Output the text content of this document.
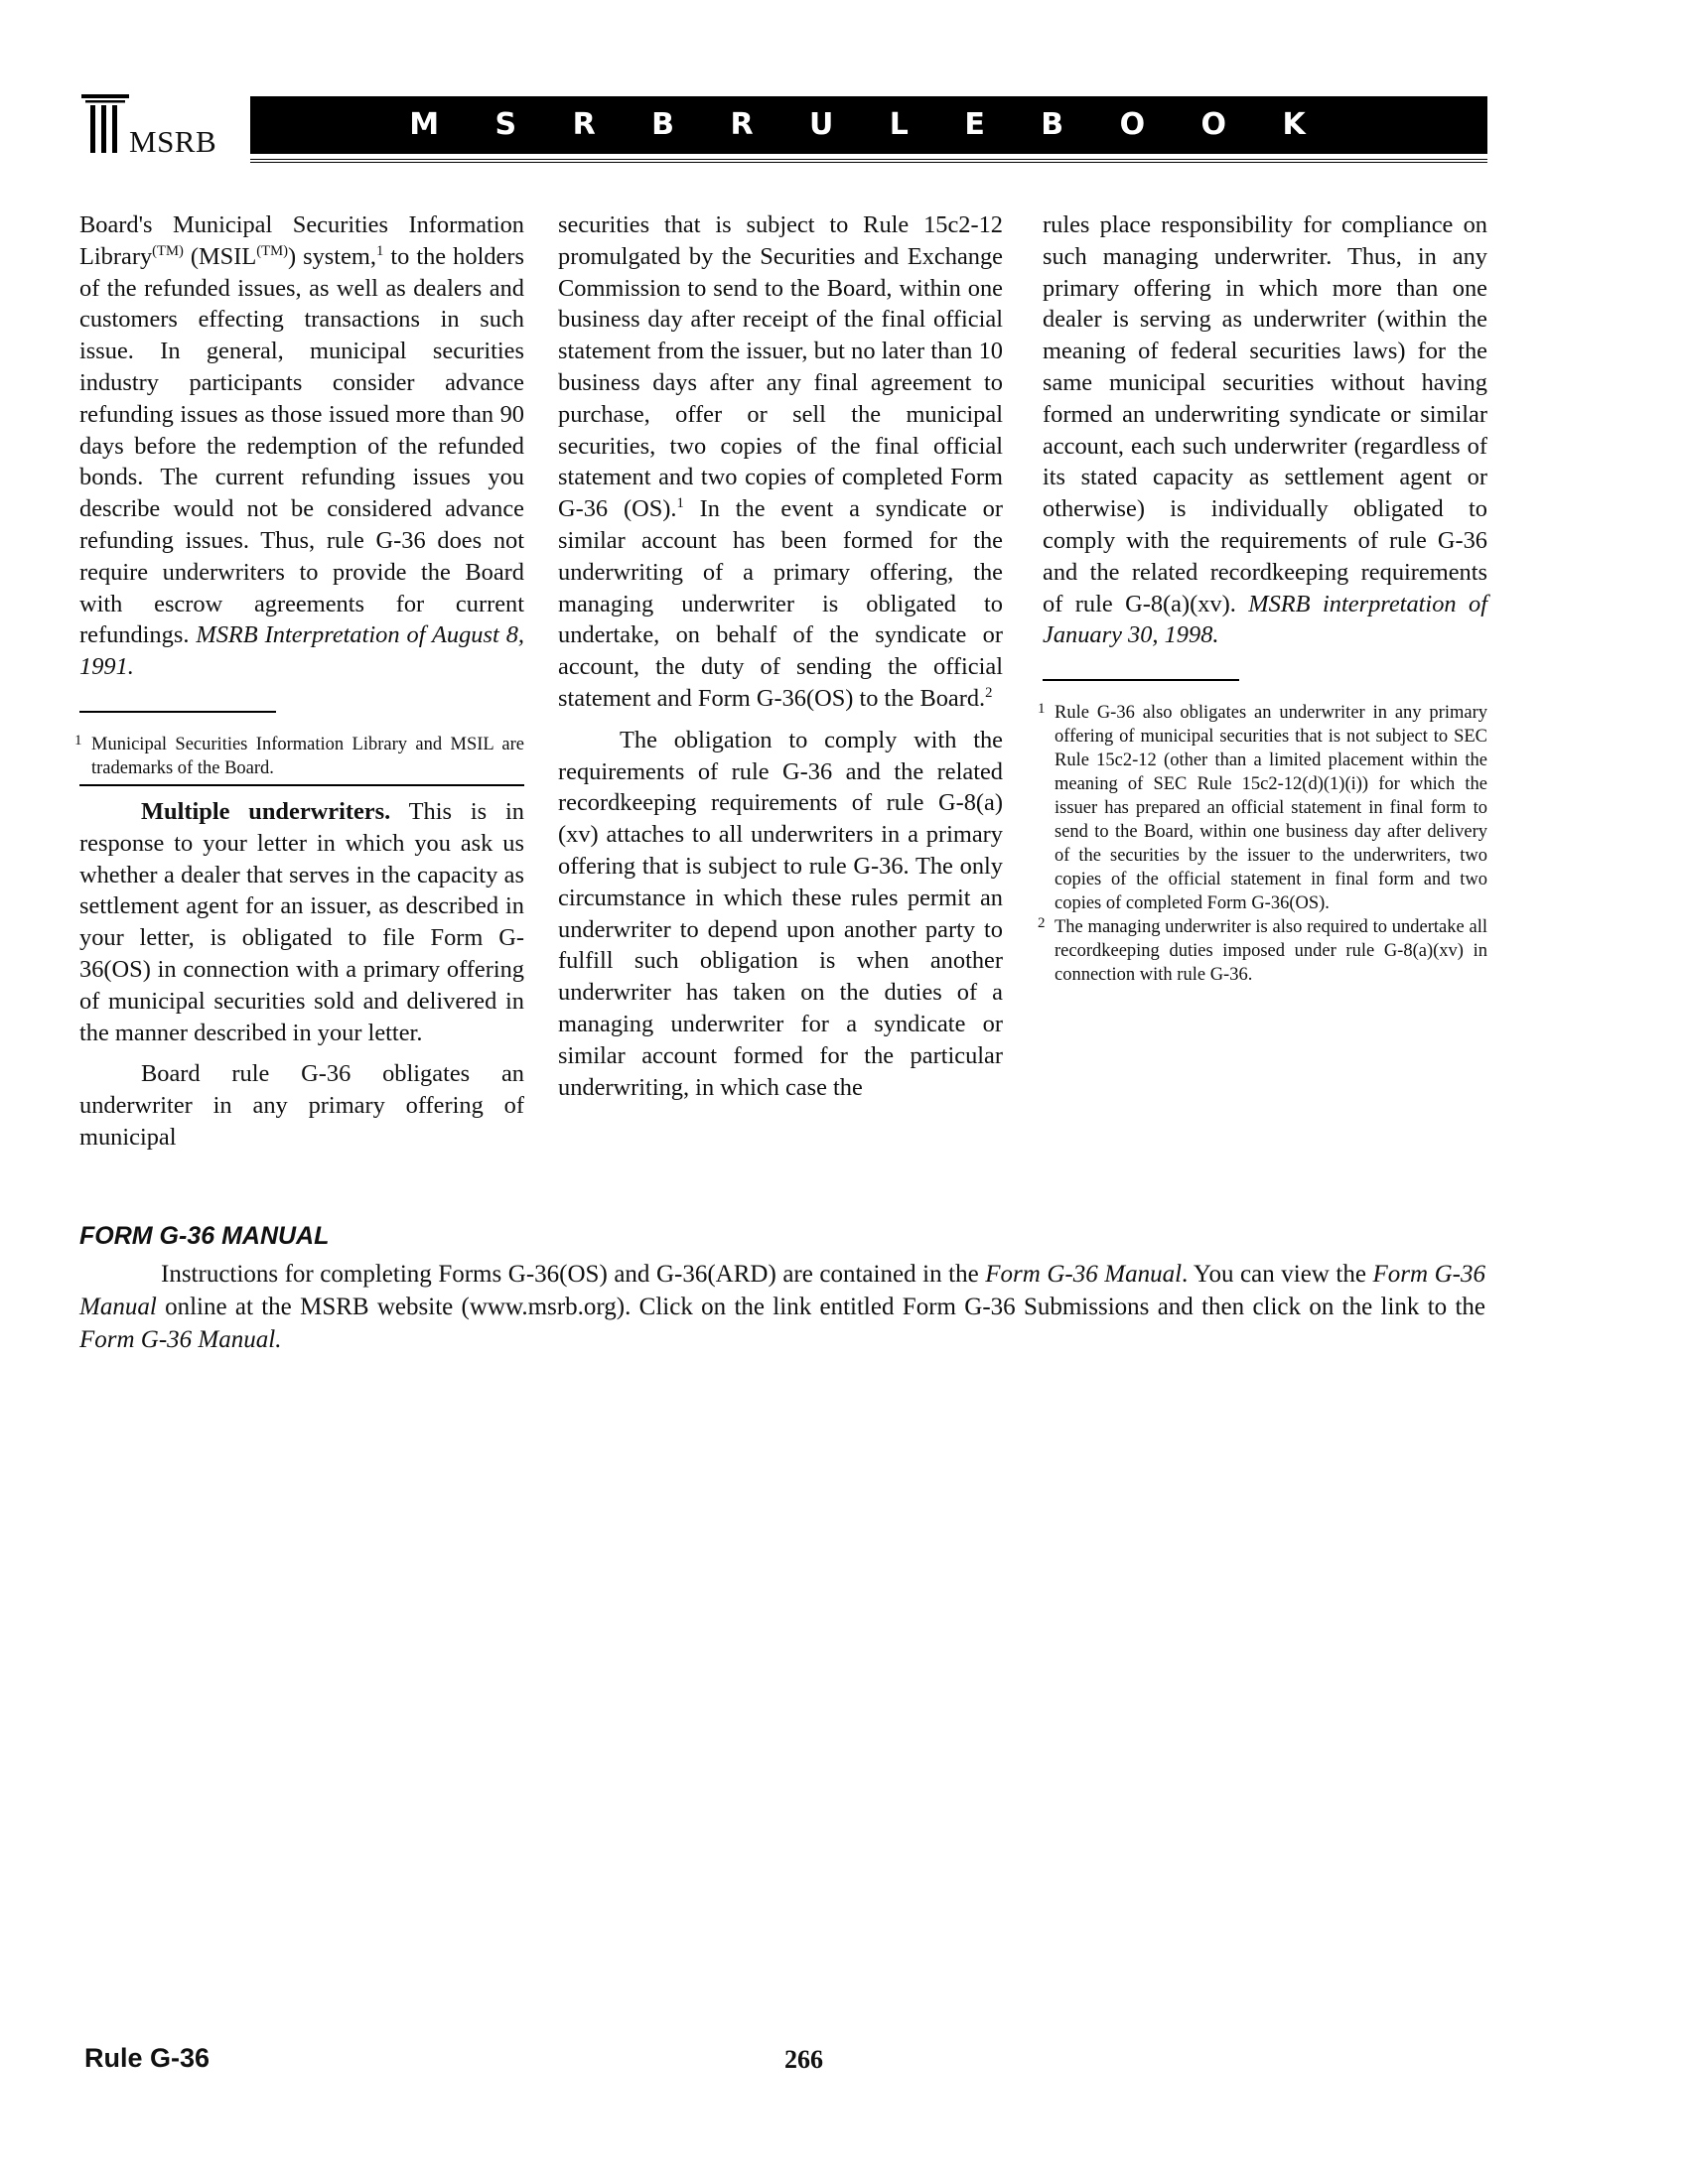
MSRB	M S R B R U L E B O O K

Board's Municipal Securities Information Library$^{(TM)}$ $(MSIL^{(TM)})$ system,$^1$ to the holders of the refunded issues, as well as dealers and customers effecting transactions in such issue. In general, municipal securities industry participants consider advance refunding issues as those issued more than 90 days before the redemption of the refunded bonds. The current refunding issues you describe would not be considered advance refunding issues. Thus, rule G-36 does not require underwriters to provide the Board with escrow agreements for current refundings. MSRB Interpretation of August 8, 1991.

1 Municipal Securities Information Library and MSIL are trademarks of the Board.

Multiple underwriters. This is in response to your letter in which you ask us whether a dealer that serves in the capacity as settlement agent for an issuer, as described in your letter, is obligated to file Form G-36(OS) in connection with a primary offering of municipal securities sold and delivered in the manner described in your letter.

Board rule G-36 obligates an underwriter in any primary offering of municipal

securities that is subject to Rule 15c2-12 promulgated by the Securities and Exchange Commission to send to the Board, within one business day after receipt of the final official statement from the issuer, but no later than 10 business days after any final agreement to purchase, offer or sell the municipal securities, two copies of the final official statement and two copies of completed Form G-36 (OS).$^1$ In the event a syndicate or similar account has been formed for the underwriting of a primary offering, the managing underwriter is obligated to undertake, on behalf of the syndicate or account, the duty of sending the official statement and Form G-36(OS) to the Board.$^2$

The obligation to comply with the requirements of rule G-36 and the related recordkeeping requirements of rule G-8(a)(xv) attaches to all underwriters in a primary offering that is subject to rule G-36. The only circumstance in which these rules permit an underwriter to depend upon another party to fulfill such obligation is when another underwriter has taken on the duties of a managing underwriter for a syndicate or similar account formed for the particular underwriting, in which case the

rules place responsibility for compliance on such managing underwriter. Thus, in any primary offering in which more than one dealer is serving as underwriter (within the meaning of federal securities laws) for the same municipal securities without having formed an underwriting syndicate or similar account, each such underwriter (regardless of its stated capacity as settlement agent or otherwise) is individually obligated to comply with the requirements of rule G-36 and the related recordkeeping requirements of rule G-8(a)(xv). MSRB interpretation of January 30, 1998.

1 Rule G-36 also obligates an underwriter in any primary offering of municipal securities that is not subject to SEC Rule 15c2-12 (other than a limited placement within the meaning of SEC Rule 15c2-12(d)(1)(i)) for which the issuer has prepared an official statement in final form to send to the Board, within one business day after delivery of the securities by the issuer to the underwriters, two copies of the official statement in final form and two copies of completed Form G-36(OS).

2 The managing underwriter is also required to undertake all recordkeeping duties imposed under rule G-8(a)(xv) in connection with rule G-36.

FORM G-36 MANUAL

Instructions for completing Forms G-36(OS) and G-36(ARD) are contained in the Form G-36 Manual. You can view the Form G-36 Manual online at the MSRB website (www.msrb.org). Click on the link entitled Form G-36 Submissions and then click on the link to the Form G-36 Manual.

Rule G-36	266
